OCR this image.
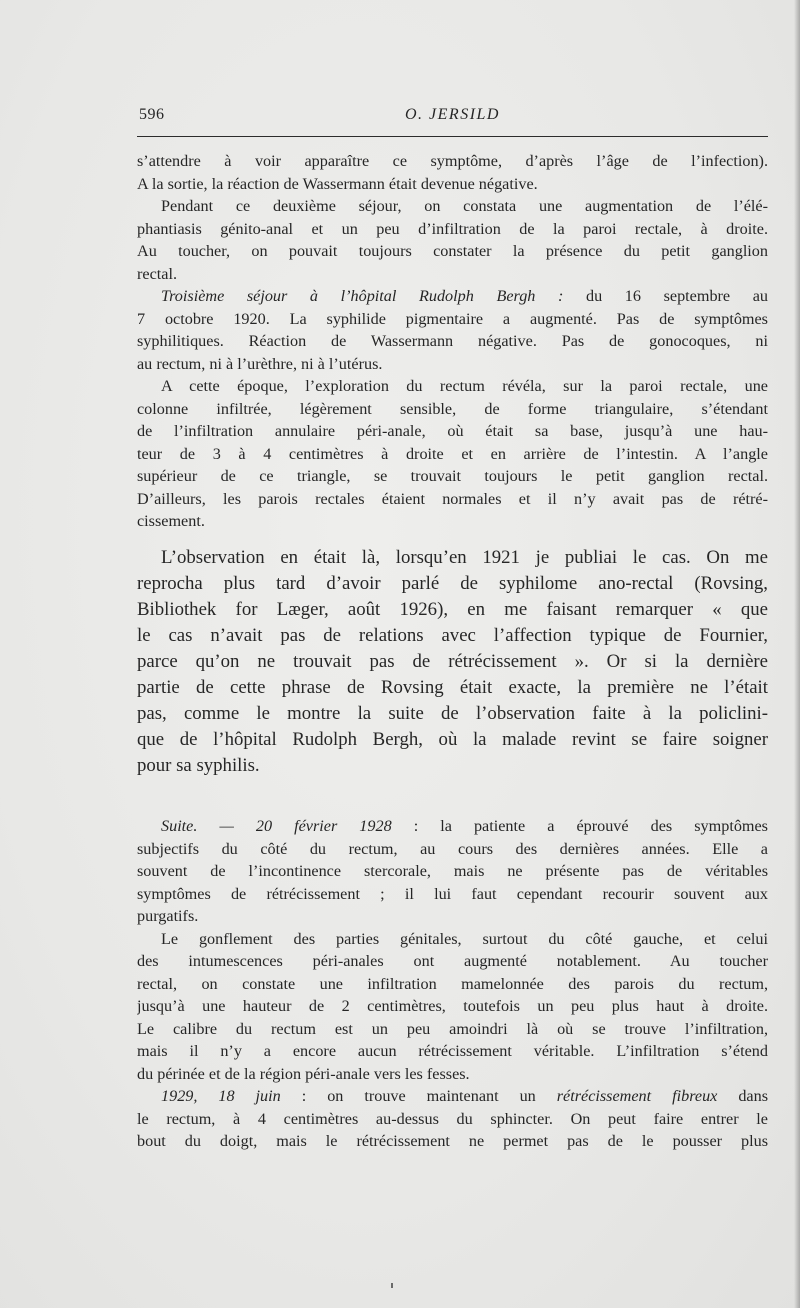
596	O. JERSILD
s’attendre à voir apparaître ce symptôme, d’après l’âge de l’infection).
A la sortie, la réaction de Wassermann était devenue négative.
Pendant ce deuxième séjour, on constata une augmentation de l’élé-
phantiasis génito-anal et un peu d’infiltration de la paroi rectale, à droite.
Au toucher, on pouvait toujours constater la présence du petit ganglion
rectal.
Troisième séjour à l’hôpital Rudolph Bergh : du 16 septembre au
7 octobre 1920. La syphilide pigmentaire a augmenté. Pas de symptômes
syphilitiques. Réaction de Wassermann négative. Pas de gonocoques, ni
au rectum, ni à l’urèthre, ni à l’utérus.
A cette époque, l’exploration du rectum révéla, sur la paroi rectale, une
colonne infiltrée, légèrement sensible, de forme triangulaire, s’étendant
de l’infiltration annulaire péri-anale, où était sa base, jusqu’à une hau-
teur de 3 à 4 centimètres à droite et en arrière de l’intestin. A l’angle
supérieur de ce triangle, se trouvait toujours le petit ganglion rectal.
D’ailleurs, les parois rectales étaient normales et il n’y avait pas de rétré-
cissement.
L’observation en était là, lorsqu’en 1921 je publiai le cas. On me
reprocha plus tard d’avoir parlé de syphilome ano-rectal (Rovsing,
Bibliothek for Læger, août 1926), en me faisant remarquer « que
le cas n’avait pas de relations avec l’affection typique de Fournier,
parce qu’on ne trouvait pas de rétrécissement ». Or si la dernière
partie de cette phrase de Rovsing était exacte, la première ne l’était
pas, comme le montre la suite de l’observation faite à la policlini-
que de l’hôpital Rudolph Bergh, où la malade revint se faire soigner
pour sa syphilis.
Suite. — 20 février 1928 : la patiente a éprouvé des symptômes
subjectifs du côté du rectum, au cours des dernières années. Elle a
souvent de l’incontinence stercorale, mais ne présente pas de véritables
symptômes de rétrécissement ; il lui faut cependant recourir souvent aux
purgatifs.
Le gonflement des parties génitales, surtout du côté gauche, et celui
des intumescences péri-anales ont augmenté notablement. Au toucher
rectal, on constate une infiltration mamelonnée des parois du rectum,
jusqu’à une hauteur de 2 centimètres, toutefois un peu plus haut à droite.
Le calibre du rectum est un peu amoindri là où se trouve l’infiltration,
mais il n’y a encore aucun rétrécissement véritable. L’infiltration s’étend
du périnée et de la région péri-anale vers les fesses.
1929, 18 juin : on trouve maintenant un rétrécissement fibreux dans
le rectum, à 4 centimètres au-dessus du sphincter. On peut faire entrer le
bout du doigt, mais le rétrécissement ne permet pas de le pousser plus
